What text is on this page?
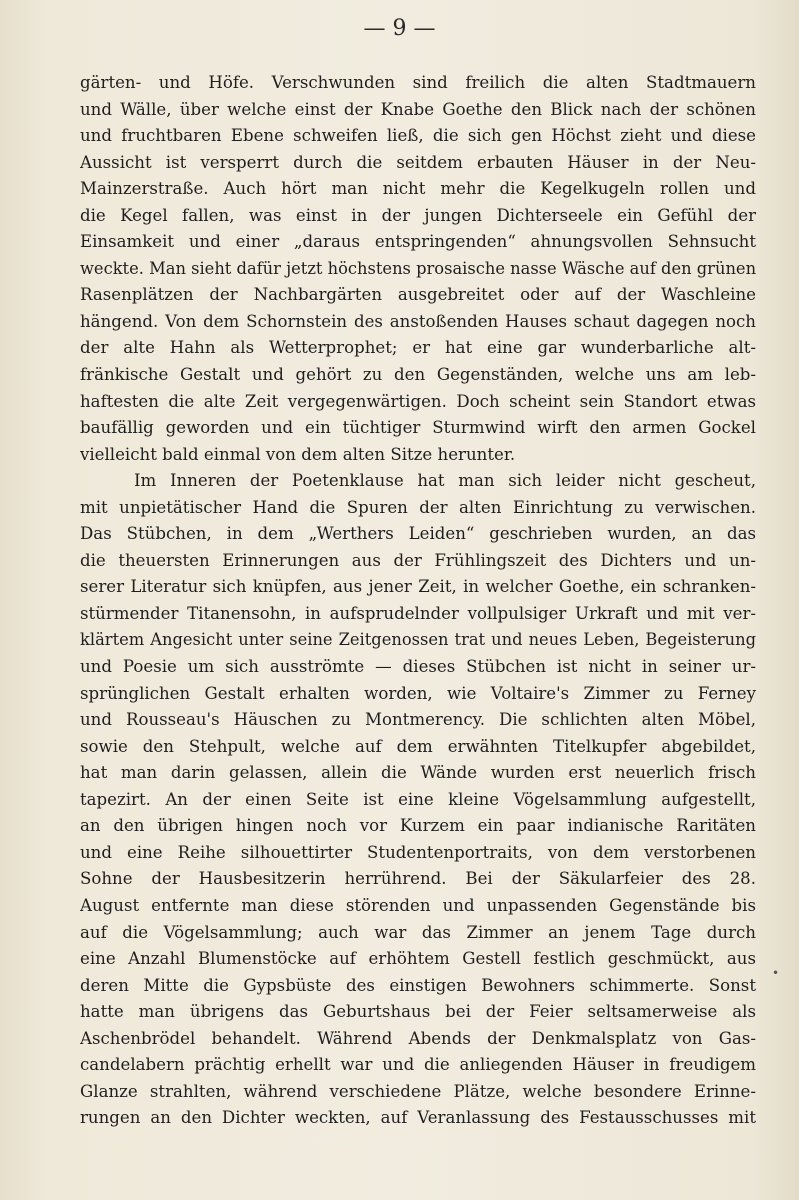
— 9 —
gärten- und Höfe. Verschwunden sind freilich die alten Stadtmauern
und Wälle, über welche einst der Knabe Goethe den Blick nach der schönen
und fruchtbaren Ebene schweifen ließ, die sich gen Höchst zieht und diese
Aussicht ist versperrt durch die seitdem erbauten Häuser in der Neu-
Mainzerstraße. Auch hört man nicht mehr die Kegelkugeln rollen und
die Kegel fallen, was einst in der jungen Dichterseele ein Gefühl der
Einsamkeit und einer „daraus entspringenden“ ahnungsvollen Sehnsucht
weckte. Man sieht dafür jetzt höchstens prosaische nasse Wäsche auf den grünen
Rasenplätzen der Nachbargärten ausgebreitet oder auf der Waschleine
hängend. Von dem Schornstein des anstoßenden Hauses schaut dagegen noch
der alte Hahn als Wetterprophet; er hat eine gar wunderbarliche alt-
fränkische Gestalt und gehört zu den Gegenständen, welche uns am leb-
haftesten die alte Zeit vergegenwärtigen. Doch scheint sein Standort etwas
baufällig geworden und ein tüchtiger Sturmwind wirft den armen Gockel
vielleicht bald einmal von dem alten Sitze herunter.
Im Inneren der Poetenklause hat man sich leider nicht gescheut,
mit unpietätischer Hand die Spuren der alten Einrichtung zu verwischen.
Das Stübchen, in dem „Werthers Leiden“ geschrieben wurden, an das
die theuersten Erinnerungen aus der Frühlingszeit des Dichters und un-
serer Literatur sich knüpfen, aus jener Zeit, in welcher Goethe, ein schranken-
stürmender Titanensohn, in aufsprudelnder vollpulsiger Urkraft und mit ver-
klärtem Angesicht unter seine Zeitgenossen trat und neues Leben, Begeisterung
und Poesie um sich ausströmte — dieses Stübchen ist nicht in seiner ur-
sprünglichen Gestalt erhalten worden, wie Voltaire's Zimmer zu Ferney
und Rousseau's Häuschen zu Montmerency. Die schlichten alten Möbel,
sowie den Stehpult, welche auf dem erwähnten Titelkupfer abgebildet,
hat man darin gelassen, allein die Wände wurden erst neuerlich frisch
tapezirt. An der einen Seite ist eine kleine Vögelsammlung aufgestellt,
an den übrigen hingen noch vor Kurzem ein paar indianische Raritäten
und eine Reihe silhouettirter Studentenportraits, von dem verstorbenen
Sohne der Hausbesitzerin herrührend. Bei der Säkularfeier des 28.
August entfernte man diese störenden und unpassenden Gegenstände bis
auf die Vögelsammlung; auch war das Zimmer an jenem Tage durch
eine Anzahl Blumenstöcke auf erhöhtem Gestell festlich geschmückt, aus
deren Mitte die Gypsbüste des einstigen Bewohners schimmerte. Sonst
hatte man übrigens das Geburtshaus bei der Feier seltsamerweise als
Aschenbrödel behandelt. Während Abends der Denkmalsplatz von Gas-
candelabern prächtig erhellt war und die anliegenden Häuser in freudigem
Glanze strahlten, während verschiedene Plätze, welche besondere Erinne-
rungen an den Dichter weckten, auf Veranlassung des Festausschusses mit
•
